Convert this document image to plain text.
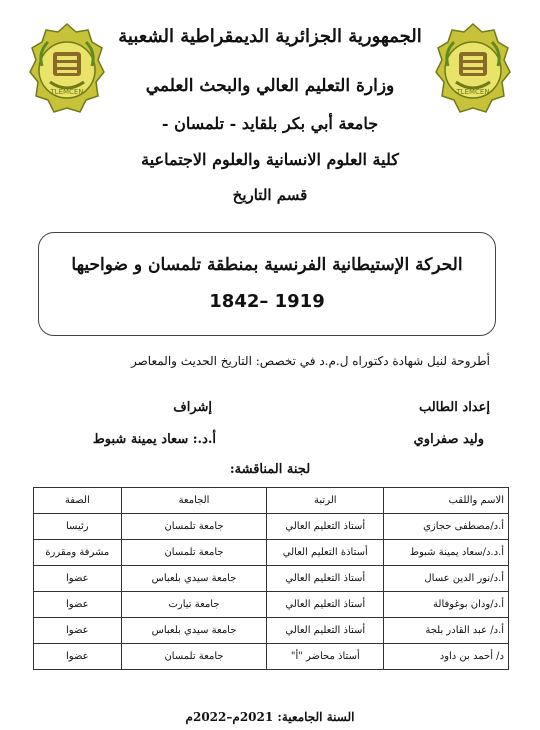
TLEMCEN	TLEMCEN
الجمهورية الجزائرية الديمقراطية الشعبية
وزارة التعليم العالي والبحث العلمي
جامعة أبي بكر بلقايد - تلمسان -
كلية العلوم الانسانية والعلوم الاجتماعية
قسم التاريخ
الحركة الإستيطانية الفرنسية بمنطقة تلمسان و ضواحيها
1842– 1919
أطروحة لنيل شهادة دكتوراه ل.م.د في تخصص: التاريخ الحديث والمعاصر
إعداد الطالب
إشراف
وليد صفراوي
أ.د.: سعاد يمينة شبوط
لجنة المناقشة:
الاسم واللقب	الرتبة	الجامعة	الصفة
أ.د/مصطفى حجازي	أستاذ التعليم العالي	جامعة تلمسان	رئيسا
أ.د.د/سعاد يمينة شبوط	أستاذة التعليم العالي	جامعة تلمسان	مشرفة ومقررة
أ.د/نور الدين عسال	أستاذ التعليم العالي	جامعة سيدي بلعباس	عضوا
أ.د/ودان بوغوفالة	أستاذ التعليم العالي	جامعة تيارت	عضوا
أ.د/ عبد القادر بلجة	أستاذ التعليم العالي	جامعة سيدي بلعباس	عضوا
د/ أحمد بن داود	أستاذ محاضر "أ"	جامعة تلمسان	عضوا
السنة الجامعية: 2021م–2022م
